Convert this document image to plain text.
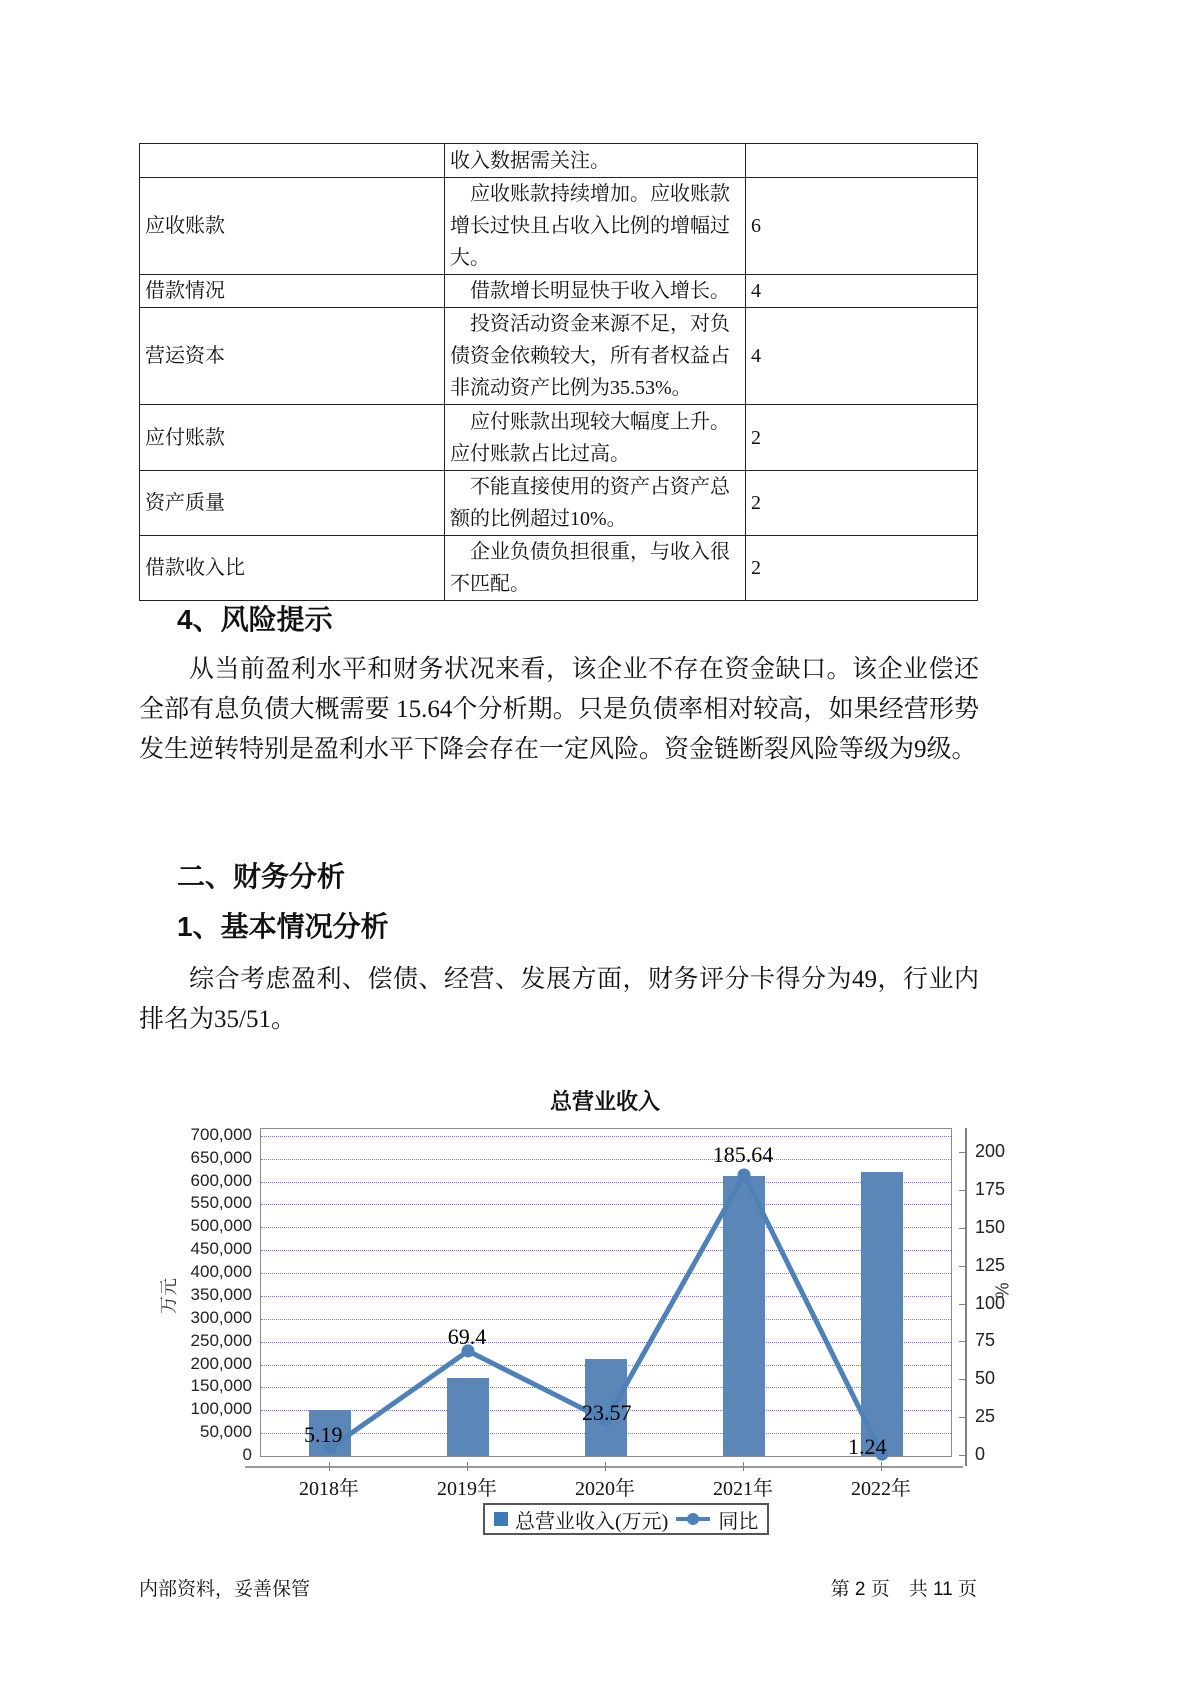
	收入数据需关注。	

应收账款	应收账款持续增加。应收账款增长过快且占收入比例的增幅过大。	6
借款情况	借款增长明显快于收入增长。	4
营运资本	投资活动资金来源不足，对负债资金依赖较大，所有者权益占非流动资产比例为35.53%。	4
应付账款	应付账款出现较大幅度上升。应付账款占比过高。	2
资产质量	不能直接使用的资产占资产总额的比例超过10%。	2
借款收入比	企业负债负担很重，与收入很不匹配。	2
4、风险提示

从当前盈利水平和财务状况来看，该企业不存在资金缺口。该企业偿还全部有息负债大概需要 15.64个分析期。只是负债率相对较高，如果经营形势发生逆转特别是盈利水平下降会存在一定风险。资金链断裂风险等级为9级。

二、财务分析
1、基本情况分析

综合考虑盈利、偿债、经营、发展方面，财务评分卡得分为49，行业内排名为35/51。

总营业收入
万元
0
50,000
100,000
150,000
200,000
250,000
300,000
350,000
400,000
450,000
500,000
550,000
600,000
650,000
700,000
5.19
69.4
23.57
185.64
1.24
2018年	2019年	2020年	2021年	2022年
0
25
50
75
100
125
150
175
200
%
总营业收入(万元)	同比
内部资料，妥善保管	第 2 页　共 11 页
